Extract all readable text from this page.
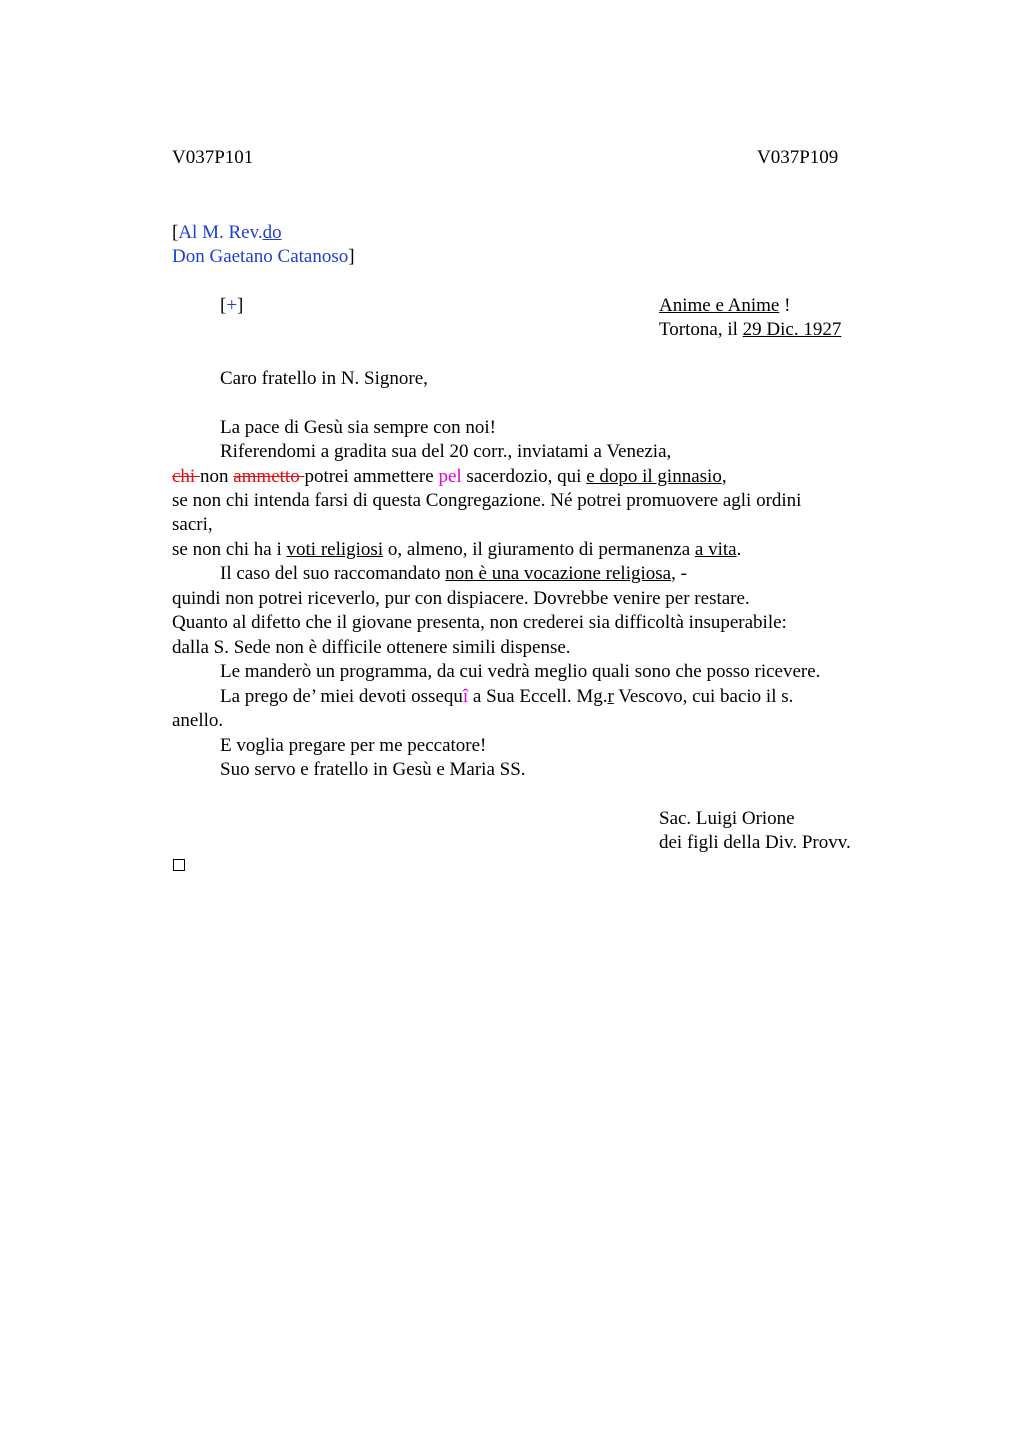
V037P101	V037P109
[Al M. Rev.do
Don Gaetano Catanoso]
[+]	Anime e Anime !
Tortona, il 29 Dic. 1927
Caro fratello in N. Signore,
La pace di Gesù sia sempre con noi!
Riferendomi a gradita sua del 20 corr., inviatami a Venezia,
chi non ammetto potrei ammettere pel sacerdozio, qui e dopo il ginnasio,
se non chi intenda farsi di questa Congregazione. Né potrei promuovere agli ordini
sacri,
se non chi ha i voti religiosi o, almeno, il giuramento di permanenza a vita.
Il caso del suo raccomandato non è una vocazione religiosa, -
quindi non potrei riceverlo, pur con dispiacere. Dovrebbe venire per restare.
Quanto al difetto che il giovane presenta, non crederei sia difficoltà insuperabile:
dalla S. Sede non è difficile ottenere simili dispense.
Le manderò un programma, da cui vedrà meglio quali sono che posso ricevere.
La prego de’ miei devoti ossequî a Sua Eccell. Mg.r Vescovo, cui bacio il s.
anello.
E voglia pregare per me peccatore!
Suo servo e fratello in Gesù e Maria SS.
Sac. Luigi Orione
dei figli della Div. Provv.
